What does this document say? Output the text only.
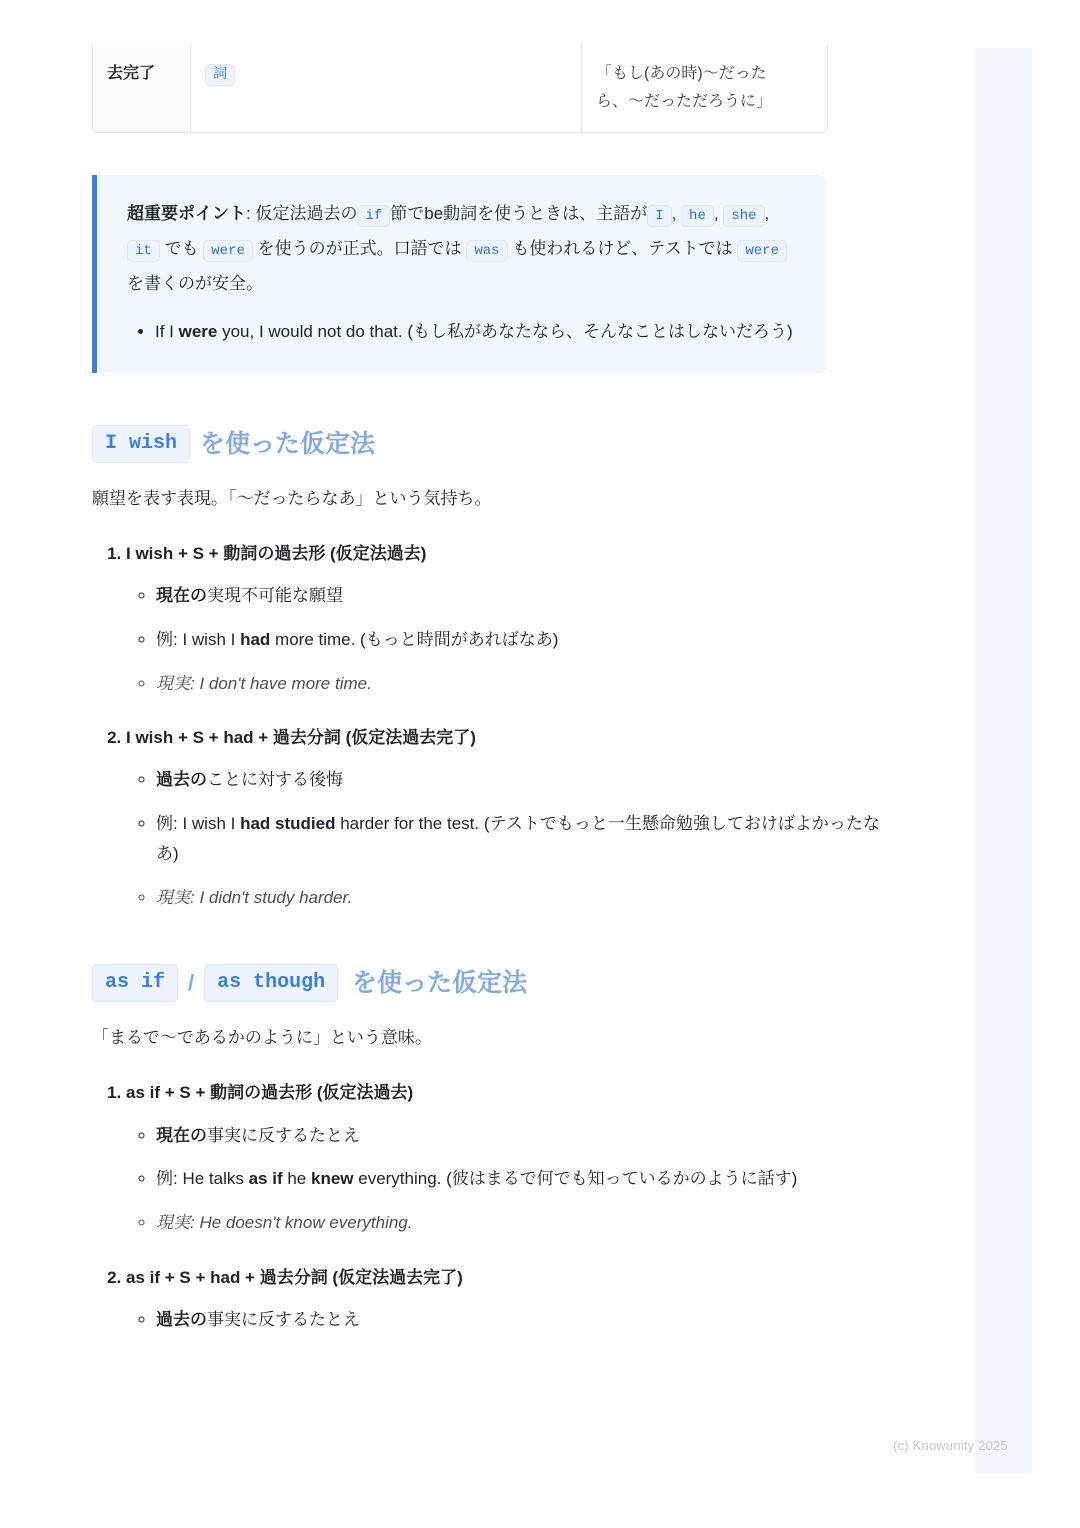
去完了	詞	「もし(あの時)〜だったら、〜だっただろうに」

超重要ポイント: 仮定法過去の if 節でbe動詞を使うときは、主語が I , he , she , it でも were を使うのが正式。口語では was も使われるけど、テストでは were を書くのが安全。

• If I were you, I would not do that. (もし私があなたなら、そんなことはしないだろう)
I wish を使った仮定法

願望を表す表現。「〜だったらなあ」という気持ち。

1. I wish + S + 動詞の過去形 (仮定法過去)
◦ 現在の実現不可能な願望
◦ 例: I wish I had more time. (もっと時間があればなあ)
◦ 現実: I don't have more time.
2. I wish + S + had + 過去分詞 (仮定法過去完了)
◦ 過去のことに対する後悔
◦ 例: I wish I had studied harder for the test. (テストでもっと一生懸命勉強しておけばよかったなあ)
◦ 現実: I didn't study harder.
as if	/	as though	を使った仮定法

「まるで〜であるかのように」という意味。

1. as if + S + 動詞の過去形 (仮定法過去)
◦ 現在の事実に反するたとえ
◦ 例: He talks as if he knew everything. (彼はまるで何でも知っているかのように話す)
◦ 現実: He doesn't know everything.
2. as if + S + had + 過去分詞 (仮定法過去完了)
◦ 過去の事実に反するたとえ
(c) Knowunity 2025
